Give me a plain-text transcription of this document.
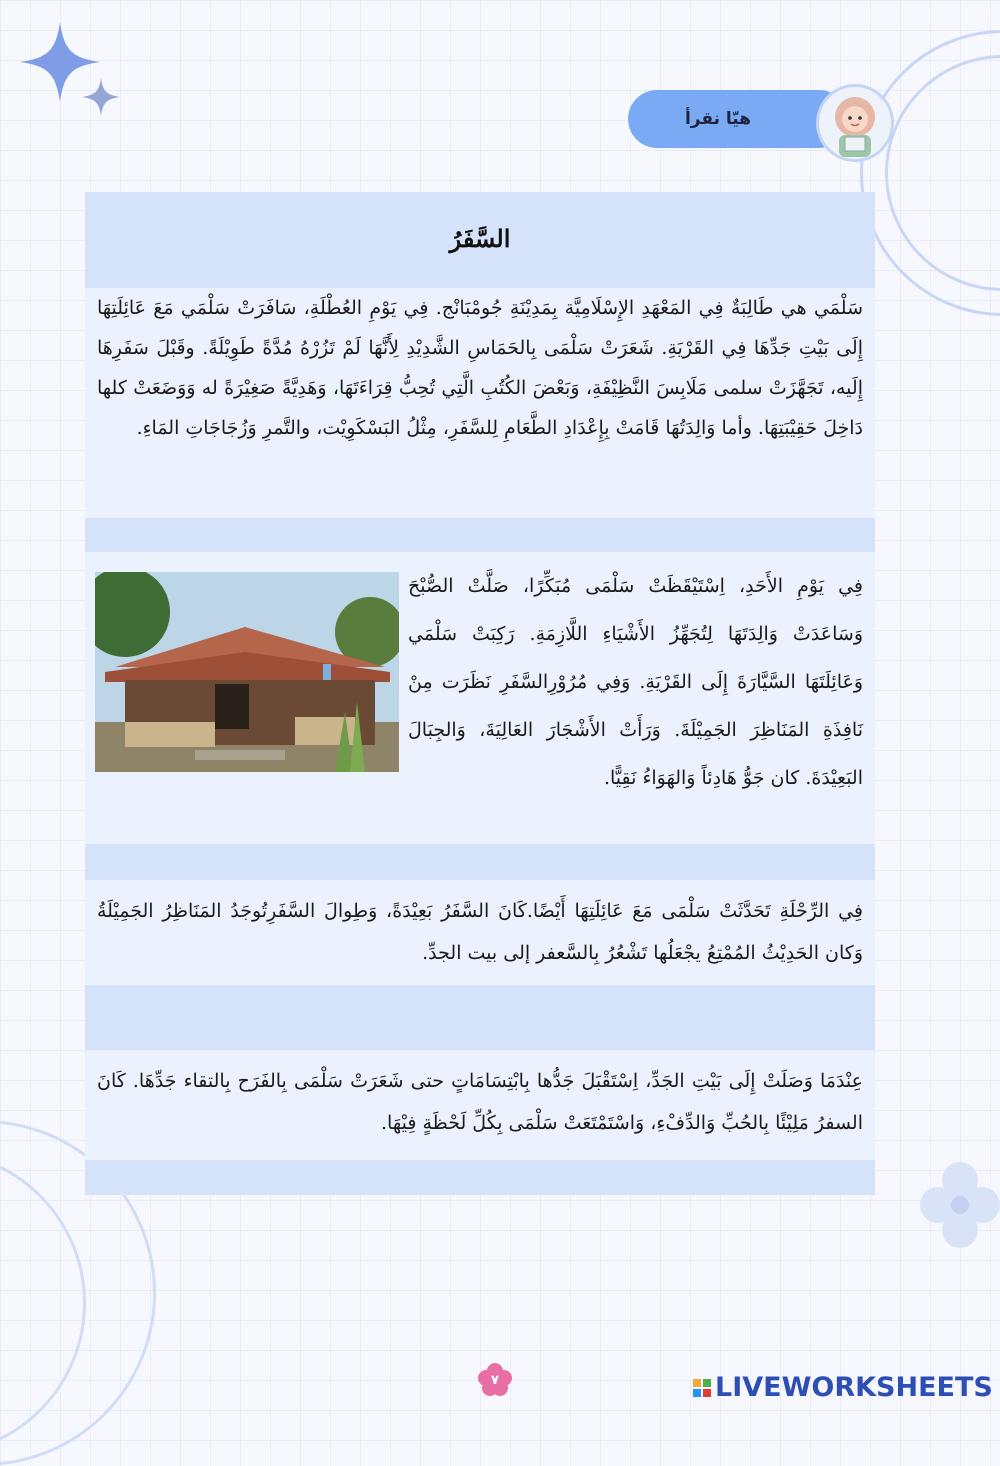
هيّا نقرأ
السَّفَرُ
سَلْمَي هي طَالِبَةٌ فِي المَعْهَدِ الإِسْلَامِيَّة بِمَدِيْنَةِ جُومْبَانْج. فِي يَوْمِ العُطْلَةِ، سَافَرَتْ سَلْمَي مَعَ عَائِلَتِهَا إِلَى بَيْتِ جَدِّهَا فِي القَرْيَةِ. شَعَرَتْ سَلْمَى بِالحَمَاسِ الشَّدِيْدِ لِأَنَّهَا لَمْ تَزُرْهُ مُدَّةً طَوِيْلَةً. وقَبْلَ سَفَرِهَا إِلَيه، تَجَهَّزَتْ سلمى مَلَابِسَ النَّظِيْفَةِ، وَبَعْضَ الكُتُبِ الَّتِي تُحِبُّ قِرَاءَتَهَا، وَهَدِيَّةً صَغِيْرَةً له وَوَضَعَتْ كلها دَاخِلَ حَقِيْبَتِهَا. وأما وَالِدَتُهَا قَامَتْ بِإِعْدَادِ الطَّعَامِ لِلسَّفَرِ، مِثْلُ البَسْكَوِيْت، والتَّمرِ وَزُجَاجَاتِ المَاءِ.
فِي يَوْمِ الأَحَدِ، اِسْتَيْقَظَتْ سَلْمَى مُبَكِّرًا، صَلَّتْ الصُّبْحَ وَسَاعَدَتْ وَالِدَتَهَا لِتُجَهِّزُ الأَشْيَاءِ اللَّازِمَةِ. رَكِبَتْ سَلْمَي وَعَائِلَتَهَا السَّيَّارَةَ إِلَى القَرْيَةِ. وَفِي مُرُوْرِالسَّفَرِ نَظَرَت مِنْ نَافِذَةِ المَنَاظِرَ الجَمِيْلَةَ. وَرَأَتْ الأَشْجَارَ العَالِيَةَ، وَالجِبَالَ البَعِيْدَةَ. كان جَوُّ هَادِئاً وَالهَوَاءُ نَقِيًّا.
فِي الرِّحْلَةِ تَحَدَّثَتْ سَلْمَى مَعَ عَائِلَتِهَا أَيْضًا.كَانَ السَّفَرُ بَعِيْدَةً، وَطِوالَ السَّفَرِتُوجَدُ المَنَاظِرُ الجَمِيْلَةُ وَكان الحَدِيْثُ المُمْتِعُ يجْعَلُها تَشْعُرُ بِالسَّعفر إلى بيت الجدِّ.
عِنْدَمَا وَصَلَتْ إِلَى بَيْتِ الجَدِّ، اِسْتَقْبَلَ جَدُّها بِابْتِسَامَاتٍ حتى شَعَرَتْ سَلْمَى بِالفَرَح بِالتقاء جَدِّهَا. كَانَ السفرُ مَلِيْئًا بِالحُبِّ وَالدِّفْءِ، وَاسْتَمْتَعَتْ سَلْمَى بِكُلِّ لَحْظَةٍ فِيْهَا.
٧	LIVEWORKSHEETS
